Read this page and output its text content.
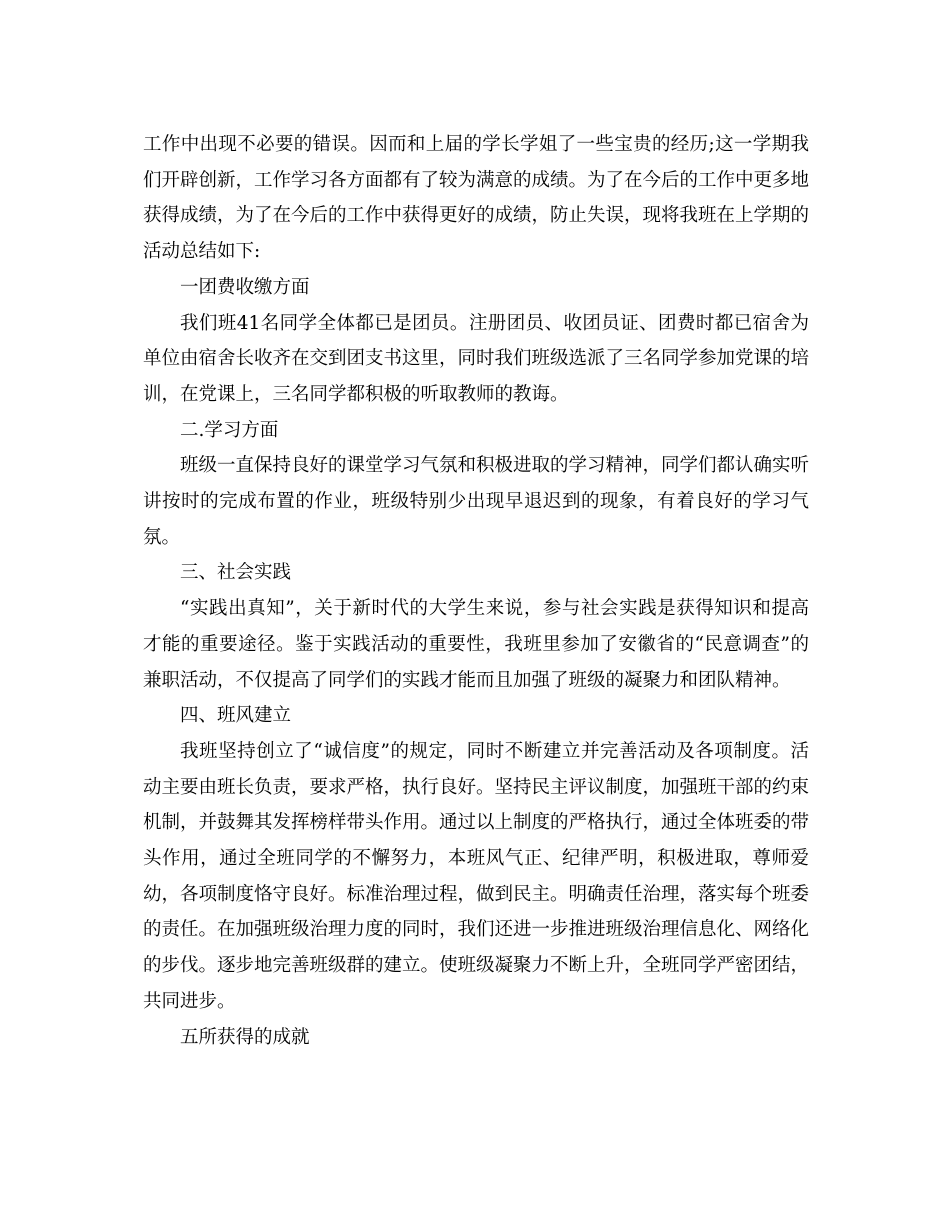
工作中出现不必要的错误。因而和上届的学长学姐了一些宝贵的经历;这一学期我们开辟创新，工作学习各方面都有了较为满意的成绩。为了在今后的工作中更多地获得成绩，为了在今后的工作中获得更好的成绩，防止失误，现将我班在上学期的活动总结如下:

一团费收缴方面

我们班41名同学全体都已是团员。注册团员、收团员证、团费时都已宿舍为单位由宿舍长收齐在交到团支书这里，同时我们班级选派了三名同学参加党课的培训，在党课上，三名同学都积极的听取教师的教诲。

二.学习方面

班级一直保持良好的课堂学习气氛和积极进取的学习精神，同学们都认确实听讲按时的完成布置的作业，班级特别少出现早退迟到的现象，有着良好的学习气氛。

三、社会实践

“实践出真知”，关于新时代的大学生来说，参与社会实践是获得知识和提高才能的重要途径。鉴于实践活动的重要性，我班里参加了安徽省的“民意调查”的兼职活动，不仅提高了同学们的实践才能而且加强了班级的凝聚力和团队精神。

四、班风建立

我班坚持创立了“诚信度”的规定，同时不断建立并完善活动及各项制度。活动主要由班长负责，要求严格，执行良好。坚持民主评议制度，加强班干部的约束机制，并鼓舞其发挥榜样带头作用。通过以上制度的严格执行，通过全体班委的带头作用，通过全班同学的不懈努力，本班风气正、纪律严明，积极进取，尊师爱幼，各项制度恪守良好。标准治理过程，做到民主。明确责任治理，落实每个班委的责任。在加强班级治理力度的同时，我们还进一步推进班级治理信息化、网络化的步伐。逐步地完善班级群的建立。使班级凝聚力不断上升，全班同学严密团结，共同进步。

五所获得的成就
